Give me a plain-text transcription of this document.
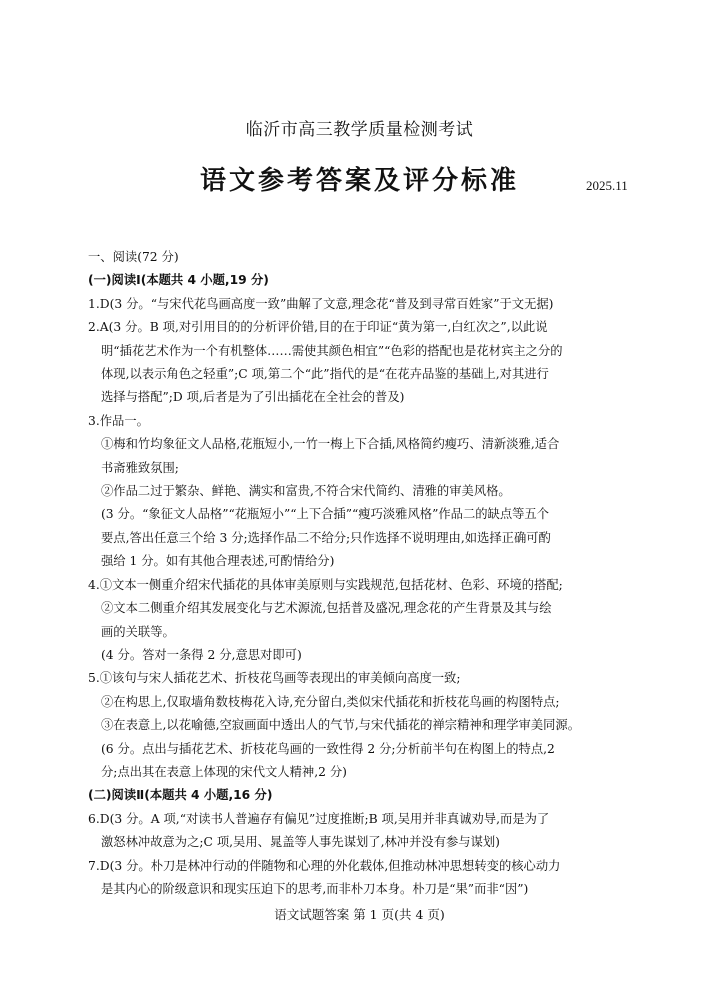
临沂市高三教学质量检测考试
语文参考答案及评分标准	2025.11
一、阅读(72 分)
(一)阅读Ⅰ(本题共 4 小题,19 分)
1.D(3 分。“与宋代花鸟画高度一致”曲解了文意,理念花“普及到寻常百姓家”于文无据)
2.A(3 分。B 项,对引用目的的分析评价错,目的在于印证“黄为第一,白红次之”,以此说
明“插花艺术作为一个有机整体……需使其颜色相宜”“色彩的搭配也是花材宾主之分的
体现,以表示角色之轻重”;C 项,第二个“此”指代的是“在花卉品鉴的基础上,对其进行
选择与搭配”;D 项,后者是为了引出插花在全社会的普及)
3.作品一。
①梅和竹均象征文人品格,花瓶短小,一竹一梅上下合插,风格简约瘦巧、清新淡雅,适合
书斋雅致氛围;
②作品二过于繁杂、鲜艳、满实和富贵,不符合宋代简约、清雅的审美风格。
(3 分。“象征文人品格”“花瓶短小”“上下合插”“瘦巧淡雅风格”作品二的缺点等五个
要点,答出任意三个给 3 分;选择作品二不给分;只作选择不说明理由,如选择正确可酌
强给 1 分。如有其他合理表述,可酌情给分)
4.①文本一侧重介绍宋代插花的具体审美原则与实践规范,包括花材、色彩、环境的搭配;
②文本二侧重介绍其发展变化与艺术源流,包括普及盛况,理念花的产生背景及其与绘
画的关联等。
(4 分。答对一条得 2 分,意思对即可)
5.①该句与宋人插花艺术、折枝花鸟画等表现出的审美倾向高度一致;
②在构思上,仅取墙角数枝梅花入诗,充分留白,类似宋代插花和折枝花鸟画的构图特点;
③在表意上,以花喻德,空寂画面中透出人的气节,与宋代插花的禅宗精神和理学审美同源。
(6 分。点出与插花艺术、折枝花鸟画的一致性得 2 分;分析前半句在构图上的特点,2
分;点出其在表意上体现的宋代文人精神,2 分)
(二)阅读Ⅱ(本题共 4 小题,16 分)
6.D(3 分。A 项,“对读书人普遍存有偏见”过度推断;B 项,吴用并非真诚劝导,而是为了
激怒林冲故意为之;C 项,吴用、晁盖等人事先谋划了,林冲并没有参与谋划)
7.D(3 分。朴刀是林冲行动的伴随物和心理的外化载体,但推动林冲思想转变的核心动力
是其内心的阶级意识和现实压迫下的思考,而非朴刀本身。朴刀是“果”而非“因”)
语文试题答案 第 1 页(共 4 页)
